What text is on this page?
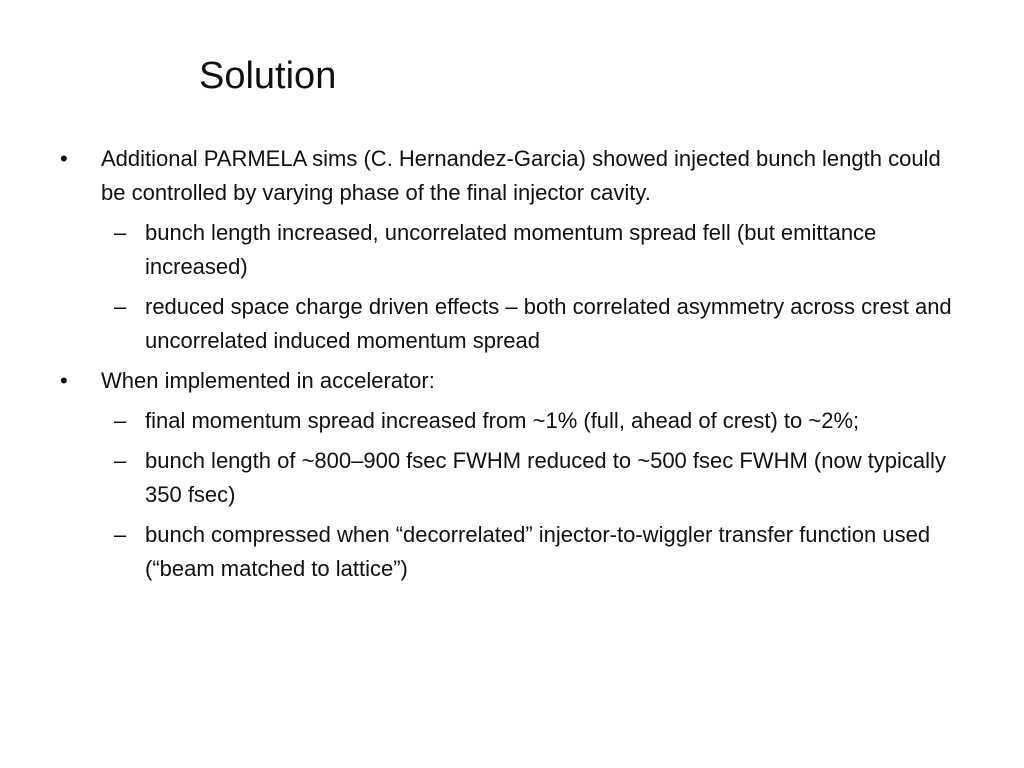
Solution
• Additional PARMELA sims (C. Hernandez-Garcia) showed injected bunch length could be controlled by varying phase of the final injector cavity.
– bunch length increased, uncorrelated momentum spread fell (but emittance increased)
– reduced space charge driven effects – both correlated asymmetry across crest and uncorrelated induced momentum spread
• When implemented in accelerator:
– final momentum spread increased from ~1% (full, ahead of crest) to ~2%;
– bunch length of ~800–900 fsec FWHM reduced to ~500 fsec FWHM (now typically 350 fsec)
– bunch compressed when “decorrelated” injector-to-wiggler transfer function used (“beam matched to lattice”)
